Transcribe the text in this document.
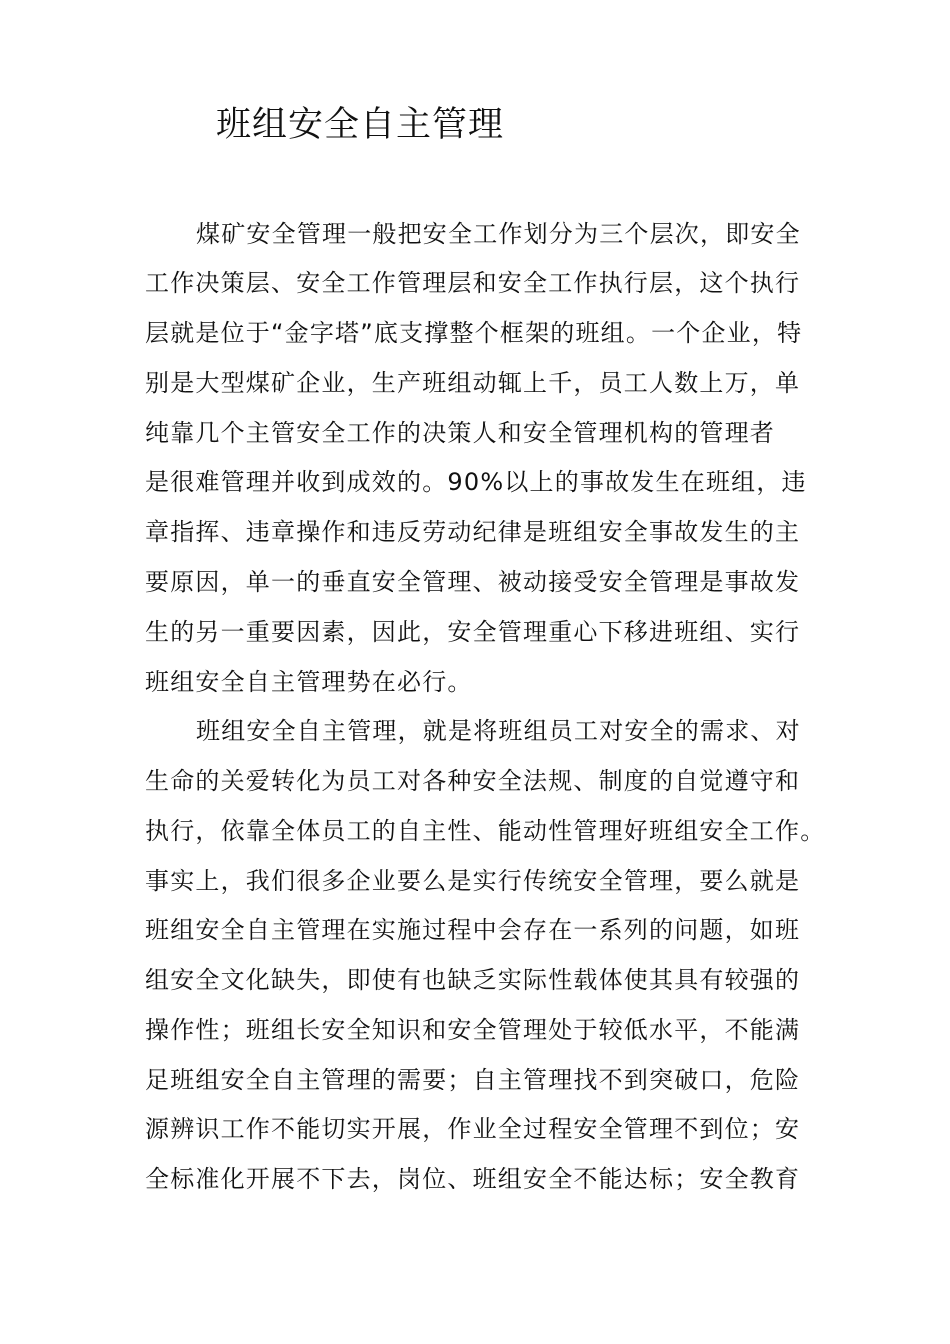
班组安全自主管理

煤矿安全管理一般把安全工作划分为三个层次，即安全

工作决策层、安全工作管理层和安全工作执行层，这个执行

层就是位于“金字塔”底支撑整个框架的班组。一个企业，特

别是大型煤矿企业，生产班组动辄上千，员工人数上万，单

纯靠几个主管安全工作的决策人和安全管理机构的管理者

是很难管理并收到成效的。90%以上的事故发生在班组，违

章指挥、违章操作和违反劳动纪律是班组安全事故发生的主

要原因，单一的垂直安全管理、被动接受安全管理是事故发

生的另一重要因素，因此，安全管理重心下移进班组、实行

班组安全自主管理势在必行。

班组安全自主管理，就是将班组员工对安全的需求、对

生命的关爱转化为员工对各种安全法规、制度的自觉遵守和

执行，依靠全体员工的自主性、能动性管理好班组安全工作。

事实上，我们很多企业要么是实行传统安全管理，要么就是

班组安全自主管理在实施过程中会存在一系列的问题，如班

组安全文化缺失，即使有也缺乏实际性载体使其具有较强的

操作性；班组长安全知识和安全管理处于较低水平，不能满

足班组安全自主管理的需要；自主管理找不到突破口，危险

源辨识工作不能切实开展，作业全过程安全管理不到位；安

全标准化开展不下去，岗位、班组安全不能达标；安全教育
